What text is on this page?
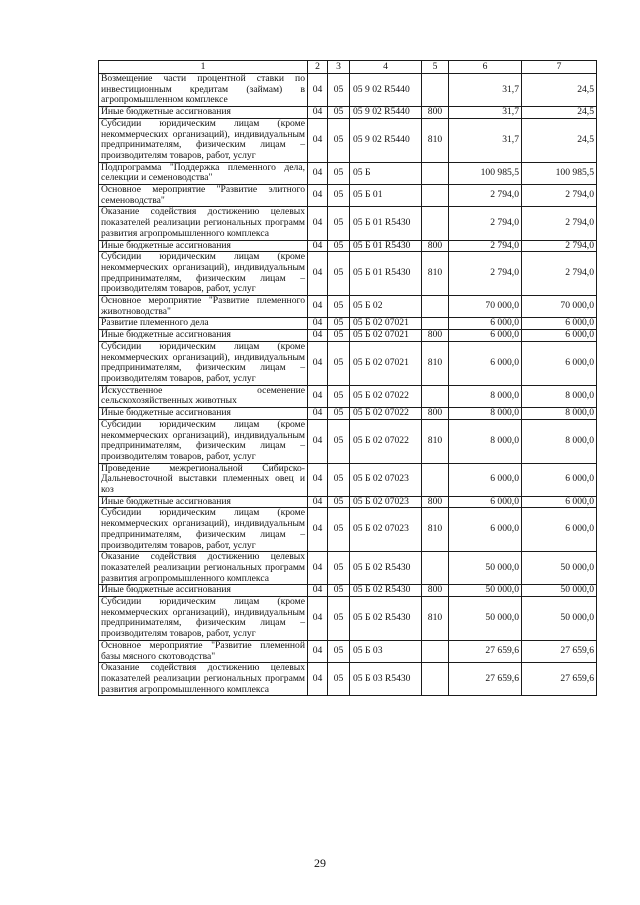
1	2	3	4	5	6	7
Возмещение части процентной ставки по инвестиционным кредитам (займам) в агропромышленном комплексе	04	05	05 9 02 R5440		31,7	24,5
Иные бюджетные ассигнования	04	05	05 9 02 R5440	800	31,7	24,5
Субсидии юридическим лицам (кроме некоммерческих организаций), индивидуальным предпринимателям, физическим лицам – производителям товаров, работ, услуг	04	05	05 9 02 R5440	810	31,7	24,5
Подпрограмма "Поддержка племенного дела, селекции и семеноводства"	04	05	05 Б		100 985,5	100 985,5
Основное мероприятие "Развитие элитного семеноводства"	04	05	05 Б 01		2 794,0	2 794,0
Оказание содействия достижению целевых показателей реализации региональных программ развития агропромышленного комплекса	04	05	05 Б 01 R5430		2 794,0	2 794,0
Иные бюджетные ассигнования	04	05	05 Б 01 R5430	800	2 794,0	2 794,0
Субсидии юридическим лицам (кроме некоммерческих организаций), индивидуальным предпринимателям, физическим лицам – производителям товаров, работ, услуг	04	05	05 Б 01 R5430	810	2 794,0	2 794,0
Основное мероприятие "Развитие племенного животноводства"	04	05	05 Б 02		70 000,0	70 000,0
Развитие племенного дела	04	05	05 Б 02 07021		6 000,0	6 000,0
Иные бюджетные ассигнования	04	05	05 Б 02 07021	800	6 000,0	6 000,0
Субсидии юридическим лицам (кроме некоммерческих организаций), индивидуальным предпринимателям, физическим лицам – производителям товаров, работ, услуг	04	05	05 Б 02 07021	810	6 000,0	6 000,0
Искусственное осеменение сельскохозяйственных животных	04	05	05 Б 02 07022		8 000,0	8 000,0
Иные бюджетные ассигнования	04	05	05 Б 02 07022	800	8 000,0	8 000,0
Субсидии юридическим лицам (кроме некоммерческих организаций), индивидуальным предпринимателям, физическим лицам – производителям товаров, работ, услуг	04	05	05 Б 02 07022	810	8 000,0	8 000,0
Проведение межрегиональной Сибирско-Дальневосточной выставки племенных овец и коз	04	05	05 Б 02 07023		6 000,0	6 000,0
Иные бюджетные ассигнования	04	05	05 Б 02 07023	800	6 000,0	6 000,0
Субсидии юридическим лицам (кроме некоммерческих организаций), индивидуальным предпринимателям, физическим лицам – производителям товаров, работ, услуг	04	05	05 Б 02 07023	810	6 000,0	6 000,0
Оказание содействия достижению целевых показателей реализации региональных программ развития агропромышленного комплекса	04	05	05 Б 02 R5430		50 000,0	50 000,0
Иные бюджетные ассигнования	04	05	05 Б 02 R5430	800	50 000,0	50 000,0
Субсидии юридическим лицам (кроме некоммерческих организаций), индивидуальным предпринимателям, физическим лицам – производителям товаров, работ, услуг	04	05	05 Б 02 R5430	810	50 000,0	50 000,0
Основное мероприятие "Развитие племенной базы мясного скотоводства"	04	05	05 Б 03		27 659,6	27 659,6
Оказание содействия достижению целевых показателей реализации региональных программ развития агропромышленного комплекса	04	05	05 Б 03 R5430		27 659,6	27 659,6
29
